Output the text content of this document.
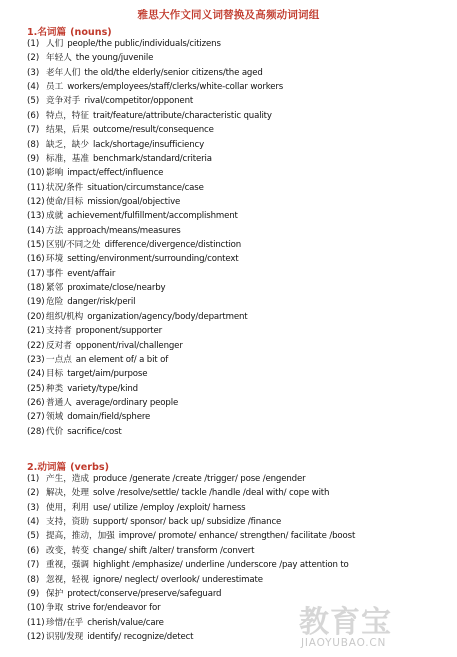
雅思大作文同义词替换及高频动词词组
1.名词篇 (nouns)
(1) 人们 people/the public/individuals/citizens
(2) 年轻人 the young/juvenile
(3) 老年人们 the old/the elderly/senior citizens/the aged
(4) 员工 workers/employees/staff/clerks/white-collar workers
(5) 竞争对手 rival/competitor/opponent
(6) 特点，特征 trait/feature/attribute/characteristic quality
(7) 结果，后果 outcome/result/consequence
(8) 缺乏，缺少 lack/shortage/insufficiency
(9) 标准，基准 benchmark/standard/criteria
(10)影响 impact/effect/influence
(11)状况/条件 situation/circumstance/case
(12)使命/目标 mission/goal/objective
(13)成就 achievement/fulfillment/accomplishment
(14)方法 approach/means/measures
(15)区别/不同之处 difference/divergence/distinction
(16)环境 setting/environment/surrounding/context
(17)事件 event/affair
(18)紧邻 proximate/close/nearby
(19)危险 danger/risk/peril
(20)组织/机构 organization/agency/body/department
(21)支持者 proponent/supporter
(22)反对者 opponent/rival/challenger
(23)一点点 an element of/ a bit of
(24)目标 target/aim/purpose
(25)种类 variety/type/kind
(26)普通人 average/ordinary people
(27)领域 domain/field/sphere
(28)代价 sacrifice/cost
2.动词篇 (verbs)
(1) 产生，造成 produce /generate /create /trigger/ pose /engender
(2) 解决，处理 solve /resolve/settle/ tackle /handle /deal with/ cope with
(3) 使用，利用 use/ utilize /employ /exploit/ harness
(4) 支持，资助 support/ sponsor/ back up/ subsidize /finance
(5) 提高，推动，加强 improve/ promote/ enhance/ strengthen/ facilitate /boost
(6) 改变，转变 change/ shift /alter/ transform /convert
(7) 重视，强调 highlight /emphasize/ underline /underscore /pay attention to
(8) 忽视，轻视 ignore/ neglect/ overlook/ underestimate
(9) 保护 protect/conserve/preserve/safeguard
(10)争取 strive for/endeavor for
(11)珍惜/在乎 cherish/value/care
(12)识别/发现 identify/ recognize/detect	教育宝
JIAOYUBAO.CN
